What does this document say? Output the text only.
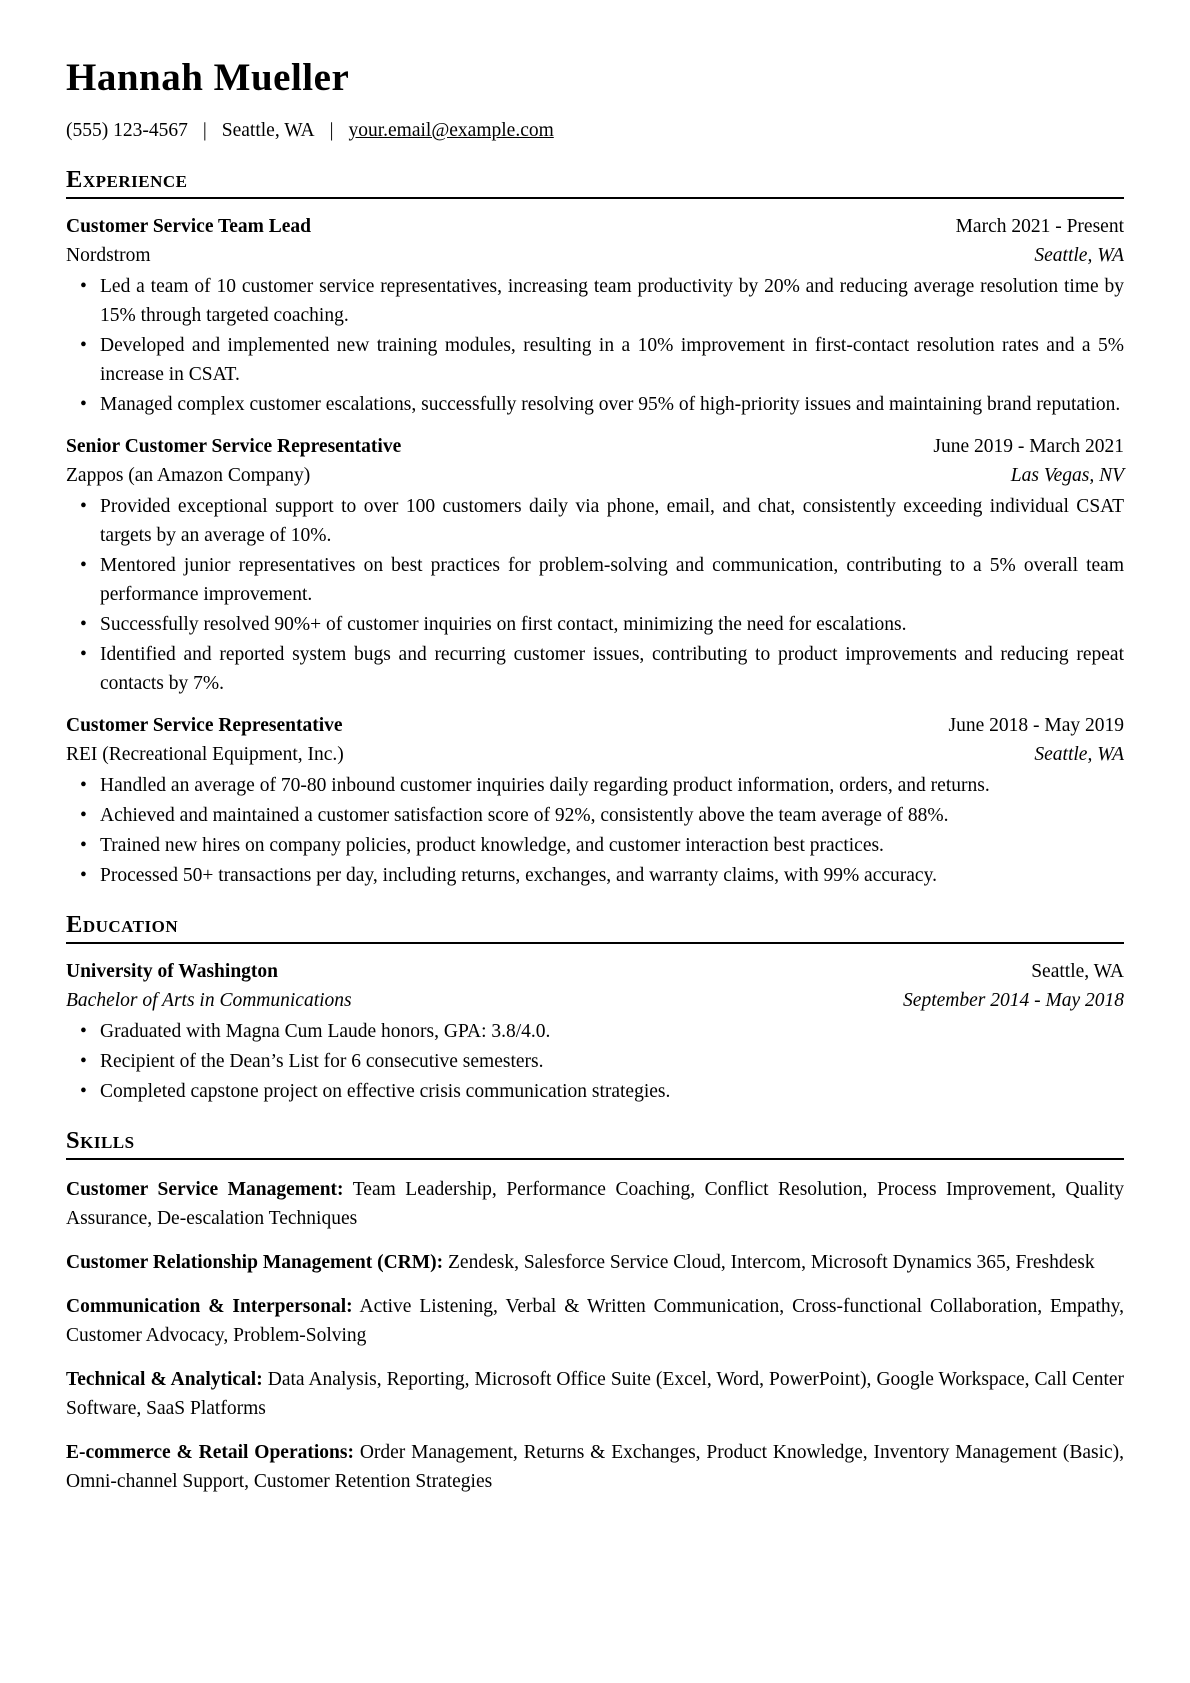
Hannah Mueller
(555) 123-4567 | Seattle, WA | your.email@example.com
Experience
Customer Service Team Lead	March 2021 - Present
Nordstrom	Seattle, WA
• Led a team of 10 customer service representatives, increasing team productivity by 20% and reducing average resolution time by 15% through targeted coaching.
• Developed and implemented new training modules, resulting in a 10% improvement in first-contact resolution rates and a 5% increase in CSAT.
• Managed complex customer escalations, successfully resolving over 95% of high-priority issues and maintaining brand reputation.
Senior Customer Service Representative	June 2019 - March 2021
Zappos (an Amazon Company)	Las Vegas, NV
• Provided exceptional support to over 100 customers daily via phone, email, and chat, consistently exceeding individual CSAT targets by an average of 10%.
• Mentored junior representatives on best practices for problem-solving and communication, contributing to a 5% overall team performance improvement.
• Successfully resolved 90%+ of customer inquiries on first contact, minimizing the need for escalations.
• Identified and reported system bugs and recurring customer issues, contributing to product improvements and reducing repeat contacts by 7%.
Customer Service Representative	June 2018 - May 2019
REI (Recreational Equipment, Inc.)	Seattle, WA
• Handled an average of 70-80 inbound customer inquiries daily regarding product information, orders, and returns.
• Achieved and maintained a customer satisfaction score of 92%, consistently above the team average of 88%.
• Trained new hires on company policies, product knowledge, and customer interaction best practices.
• Processed 50+ transactions per day, including returns, exchanges, and warranty claims, with 99% accuracy.
Education
University of Washington	Seattle, WA
Bachelor of Arts in Communications	September 2014 - May 2018
• Graduated with Magna Cum Laude honors, GPA: 3.8/4.0.
• Recipient of the Dean’s List for 6 consecutive semesters.
• Completed capstone project on effective crisis communication strategies.
Skills

Customer Service Management: Team Leadership, Performance Coaching, Conflict Resolution, Process Improvement, Quality Assurance, De-escalation Techniques

Customer Relationship Management (CRM): Zendesk, Salesforce Service Cloud, Intercom, Microsoft Dynamics 365, Freshdesk

Communication & Interpersonal: Active Listening, Verbal & Written Communication, Cross-functional Collaboration, Empathy, Customer Advocacy, Problem-Solving

Technical & Analytical: Data Analysis, Reporting, Microsoft Office Suite (Excel, Word, PowerPoint), Google Workspace, Call Center Software, SaaS Platforms

E-commerce & Retail Operations: Order Management, Returns & Exchanges, Product Knowledge, Inventory Management (Basic), Omni-channel Support, Customer Retention Strategies
